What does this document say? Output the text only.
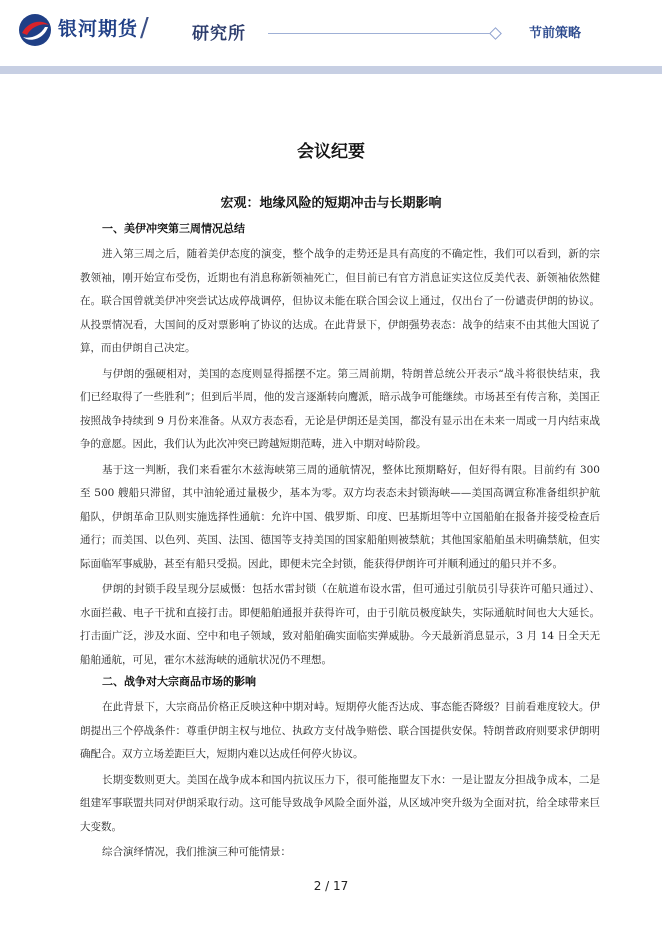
银河期货 /	研究所	节前策略
会议纪要
宏观：地缘风险的短期冲击与长期影响
一、美伊冲突第三周情况总结

进入第三周之后，随着美伊态度的演变，整个战争的走势还是具有高度的不确定性，我们可以看到，新的宗教领袖，刚开始宣布受伤，近期也有消息称新领袖死亡，但目前已有官方消息证实这位反美代表、新领袖依然健在。联合国曾就美伊冲突尝试达成停战调停，但协议未能在联合国会议上通过，仅出台了一份谴责伊朗的协议。从投票情况看，大国间的反对票影响了协议的达成。在此背景下，伊朗强势表态：战争的结束不由其他大国说了算，而由伊朗自己决定。

与伊朗的强硬相对，美国的态度则显得摇摆不定。第三周前期，特朗普总统公开表示“战斗将很快结束，我们已经取得了一些胜利”；但到后半周，他的发言逐渐转向鹰派，暗示战争可能继续。市场甚至有传言称，美国正按照战争持续到 9 月份来准备。从双方表态看，无论是伊朗还是美国，都没有显示出在未来一周或一月内结束战争的意愿。因此，我们认为此次冲突已跨越短期范畴，进入中期对峙阶段。

基于这一判断，我们来看霍尔木兹海峡第三周的通航情况，整体比预期略好，但好得有限。目前约有 300 至 500 艘船只滞留，其中油轮通过量极少，基本为零。双方均表态未封锁海峡——美国高调宣称准备组织护航船队，伊朗革命卫队则实施选择性通航：允许中国、俄罗斯、印度、巴基斯坦等中立国船舶在报备并接受检查后通行；而美国、以色列、英国、法国、德国等支持美国的国家船舶则被禁航；其他国家船舶虽未明确禁航，但实际面临军事威胁，甚至有船只受损。因此，即便未完全封锁，能获得伊朗许可并顺利通过的船只并不多。

伊朗的封锁手段呈现分层威慑：包括水雷封锁（在航道布设水雷，但可通过引航员引导获许可船只通过）、水面拦截、电子干扰和直接打击。即便船舶通报并获得许可，由于引航员极度缺失，实际通航时间也大大延长。打击面广泛，涉及水面、空中和电子领域，致对船舶确实面临实弹威胁。今天最新消息显示，3 月 14 日全天无船舶通航，可见，霍尔木兹海峡的通航状况仍不理想。

二、战争对大宗商品市场的影响

在此背景下，大宗商品价格正反映这种中期对峙。短期停火能否达成、事态能否降级？目前看难度较大。伊朗提出三个停战条件：尊重伊朗主权与地位、执政方支付战争赔偿、联合国提供安保。特朗普政府则要求伊朗明确配合。双方立场差距巨大，短期内难以达成任何停火协议。

长期变数则更大。美国在战争成本和国内抗议压力下，很可能拖盟友下水：一是让盟友分担战争成本，二是组建军事联盟共同对伊朗采取行动。这可能导致战争风险全面外溢，从区域冲突升级为全面对抗，给全球带来巨大变数。

综合演绎情况，我们推演三种可能情景：

2 / 17
